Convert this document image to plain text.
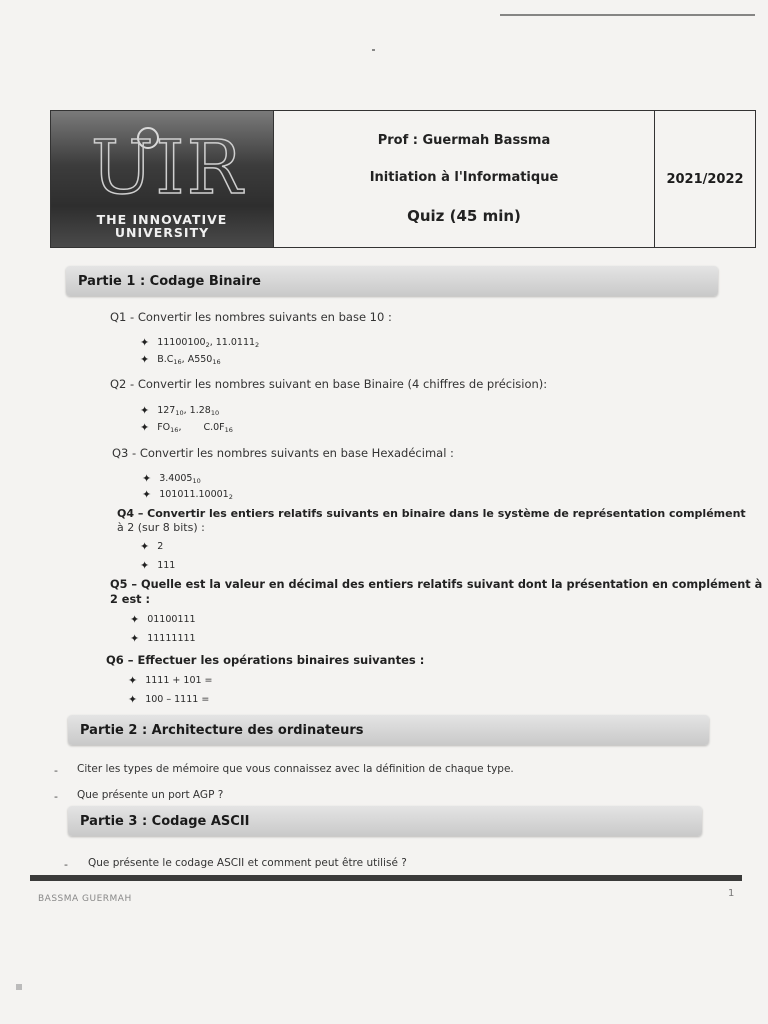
UIR
THE INNOVATIVE
UNIVERSITY
Prof : Guermah Bassma
Initiation à l'Informatique
Quiz (45 min)
2021/2022
Partie 1 : Codage Binaire
Q1 - Convertir les nombres suivants en base 10 :
✦ $11100100_2$, $11.0111_2$
✦ $B.C_{16}$, $A550_{16}$
Q2 - Convertir les nombres suivant en base Binaire (4 chiffres de précision):
✦ $127_{10}$, $1.28_{10}$
✦ $FO_{16}$, $C.0F_{16}$
Q3 - Convertir les nombres suivants en base Hexadécimal :
✦ $3.4005_{10}$
✦ $101011.10001_2$
Q4 – Convertir les entiers relatifs suivants en binaire dans le système de représentation complément
à 2 (sur 8 bits) :
✦ 2
✦ 111
Q5 – Quelle est la valeur en décimal des entiers relatifs suivant dont la présentation en complément à
2 est :
✦ 01100111
✦ 11111111
Q6 – Effectuer les opérations binaires suivantes :
✦ 1111 + 101 =
✦ 100 – 1111 =
Partie 2 : Architecture des ordinateurs
- Citer les types de mémoire que vous connaissez avec la définition de chaque type.
- Que présente un port AGP ?
Partie 3 : Codage ASCII
- Que présente le codage ASCII et comment peut être utilisé ?
BASSMA GUERMAH	1
